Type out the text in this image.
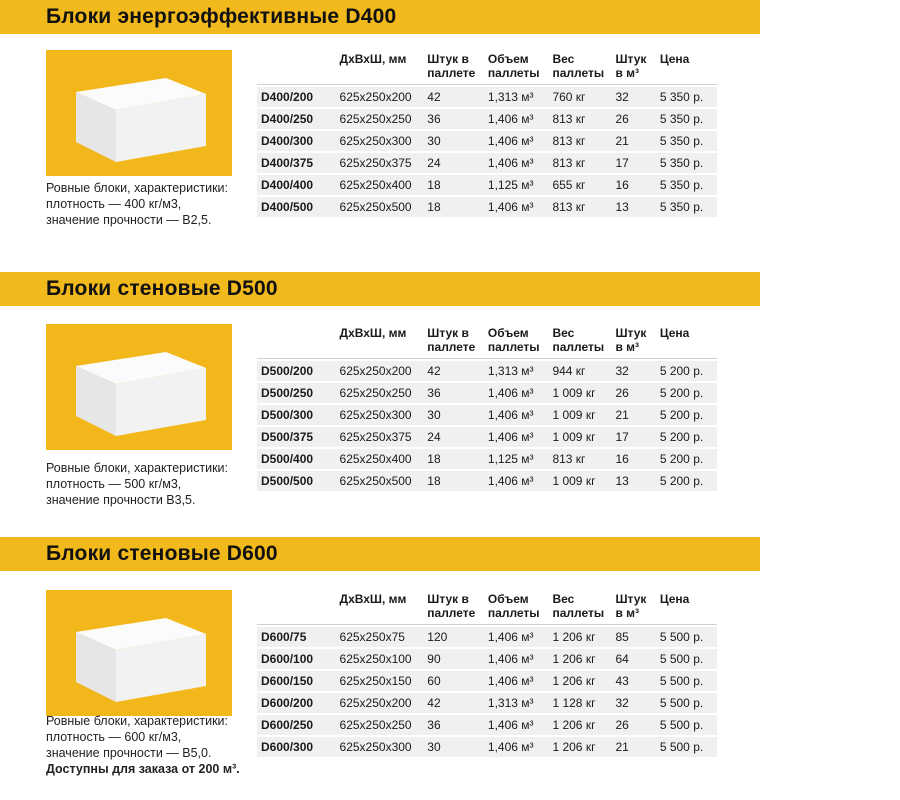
Блоки энергоэффективные D400
Ровные блоки, характеристики:
плотность — 400 кг/м3,
значение прочности — В2,5.
	ДхВхШ, мм	Штук в паллете	Объем паллеты	Вес паллеты	Штук в м³	Цена
D400/200	625x250x200	42	1,313 м³	760 кг	32	5 350 р.
D400/250	625x250x250	36	1,406 м³	813 кг	26	5 350 р.
D400/300	625x250x300	30	1,406 м³	813 кг	21	5 350 р.
D400/375	625x250x375	24	1,406 м³	813 кг	17	5 350 р.
D400/400	625x250x400	18	1,125 м³	655 кг	16	5 350 р.
D400/500	625x250x500	18	1,406 м³	813 кг	13	5 350 р.
Блоки стеновые D500
Ровные блоки, характеристики:
плотность — 500 кг/м3,
значение прочности В3,5.
	ДхВхШ, мм	Штук в паллете	Объем паллеты	Вес паллеты	Штук в м³	Цена
D500/200	625x250x200	42	1,313 м³	944 кг	32	5 200 р.
D500/250	625x250x250	36	1,406 м³	1 009 кг	26	5 200 р.
D500/300	625x250x300	30	1,406 м³	1 009 кг	21	5 200 р.
D500/375	625x250x375	24	1,406 м³	1 009 кг	17	5 200 р.
D500/400	625x250x400	18	1,125 м³	813 кг	16	5 200 р.
D500/500	625x250x500	18	1,406 м³	1 009 кг	13	5 200 р.
Блоки стеновые D600
Ровные блоки, характеристики:
плотность — 600 кг/м3,
значение прочности — В5,0.
Доступны для заказа от 200 м³.
	ДхВхШ, мм	Штук в паллете	Объем паллеты	Вес паллеты	Штук в м³	Цена
D600/75	625x250x75	120	1,406 м³	1 206 кг	85	5 500 р.
D600/100	625x250x100	90	1,406 м³	1 206 кг	64	5 500 р.
D600/150	625x250x150	60	1,406 м³	1 206 кг	43	5 500 р.
D600/200	625x250x200	42	1,313 м³	1 128 кг	32	5 500 р.
D600/250	625x250x250	36	1,406 м³	1 206 кг	26	5 500 р.
D600/300	625x250x300	30	1,406 м³	1 206 кг	21	5 500 р.
